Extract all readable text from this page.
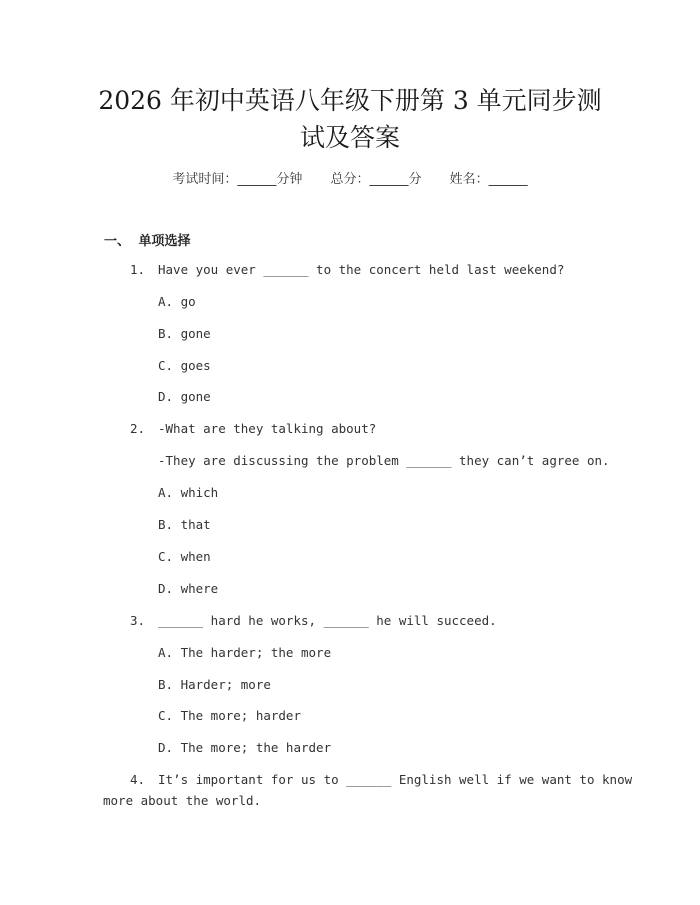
2026 年初中英语八年级下册第 3 单元同步测
试及答案
考试时间：______分钟 总分：______分 姓名：______
一、 单项选择
1. Have you ever ______ to the concert held last weekend?
A. go
B. gone
C. goes
D. gone
2. -What are they talking about?
-They are discussing the problem ______ they can’t agree on.
A. which
B. that
C. when
D. where
3. ______ hard he works, ______ he will succeed.
A. The harder; the more
B. Harder; more
C. The more; harder
D. The more; the harder
4. It’s important for us to ______ English well if we want to know
more about the world.
